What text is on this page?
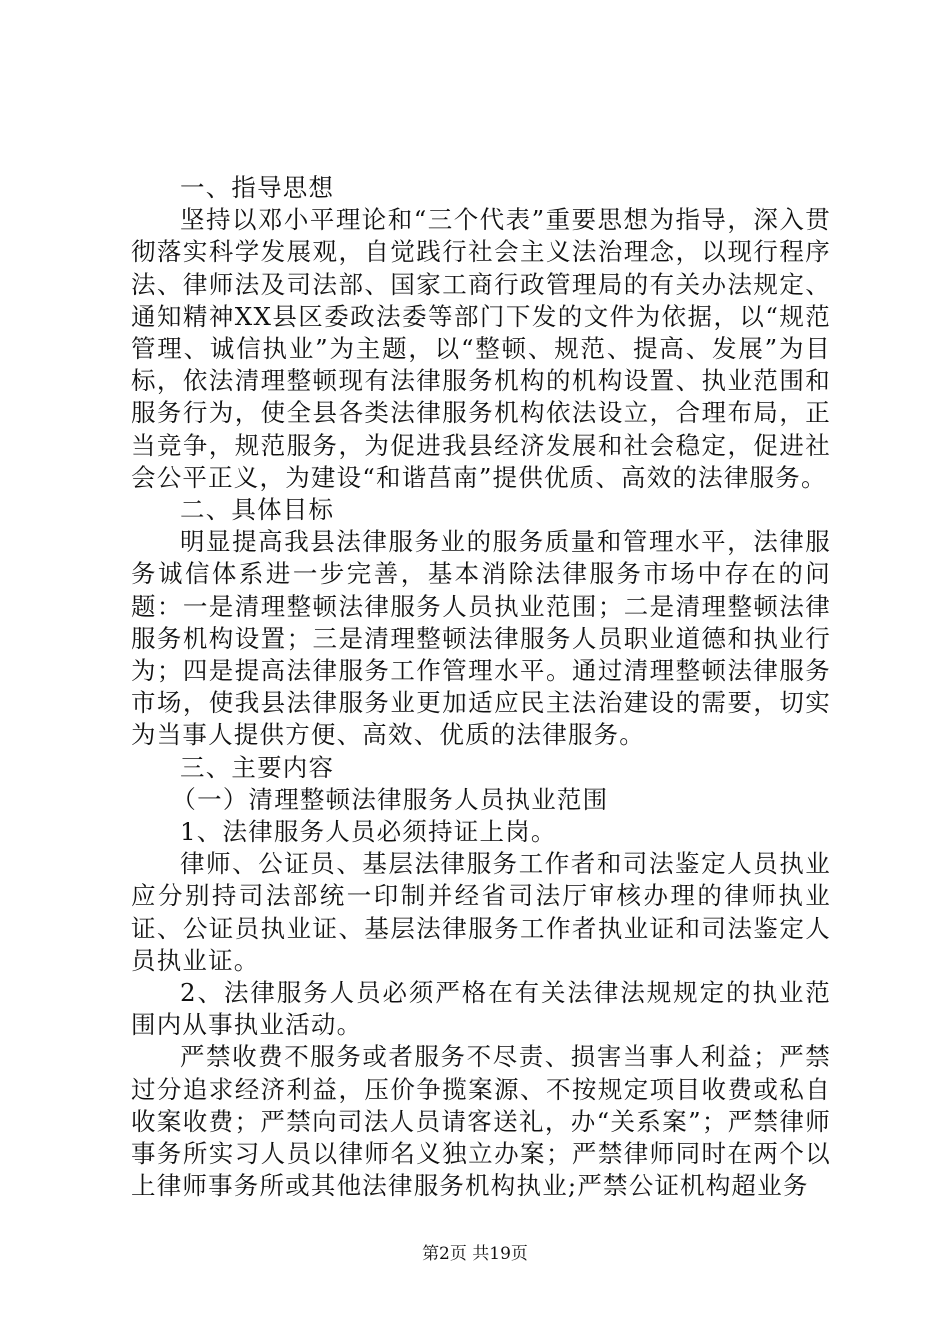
一、指导思想

坚持以邓小平理论和“三个代表”重要思想为指导，深入贯彻落实科学发展观，自觉践行社会主义法治理念，以现行程序法、律师法及司法部、国家工商行政管理局的有关办法规定、通知精神XX县区委政法委等部门下发的文件为依据，以“规范管理、诚信执业”为主题，以“整顿、规范、提高、发展”为目标，依法清理整顿现有法律服务机构的机构设置、执业范围和服务行为，使全县各类法律服务机构依法设立，合理布局，正当竞争，规范服务，为促进我县经济发展和社会稳定，促进社会公平正义，为建设“和谐莒南”提供优质、高效的法律服务。

二、具体目标

明显提高我县法律服务业的服务质量和管理水平，法律服务诚信体系进一步完善，基本消除法律服务市场中存在的问题：一是清理整顿法律服务人员执业范围；二是清理整顿法律服务机构设置；三是清理整顿法律服务人员职业道德和执业行为；四是提高法律服务工作管理水平。通过清理整顿法律服务市场，使我县法律服务业更加适应民主法治建设的需要，切实为当事人提供方便、高效、优质的法律服务。

三、主要内容

（一）清理整顿法律服务人员执业范围

1、法律服务人员必须持证上岗。

律师、公证员、基层法律服务工作者和司法鉴定人员执业应分别持司法部统一印制并经省司法厅审核办理的律师执业证、公证员执业证、基层法律服务工作者执业证和司法鉴定人员执业证。

2、法律服务人员必须严格在有关法律法规规定的执业范围内从事执业活动。

严禁收费不服务或者服务不尽责、损害当事人利益；严禁过分追求经济利益，压价争揽案源、不按规定项目收费或私自收案收费；严禁向司法人员请客送礼，办“关系案”；严禁律师事务所实习人员以律师名义独立办案；严禁律师同时在两个以上律师事务所或其他法律服务机构执业;严禁公证机构超业务

第2页 共19页
